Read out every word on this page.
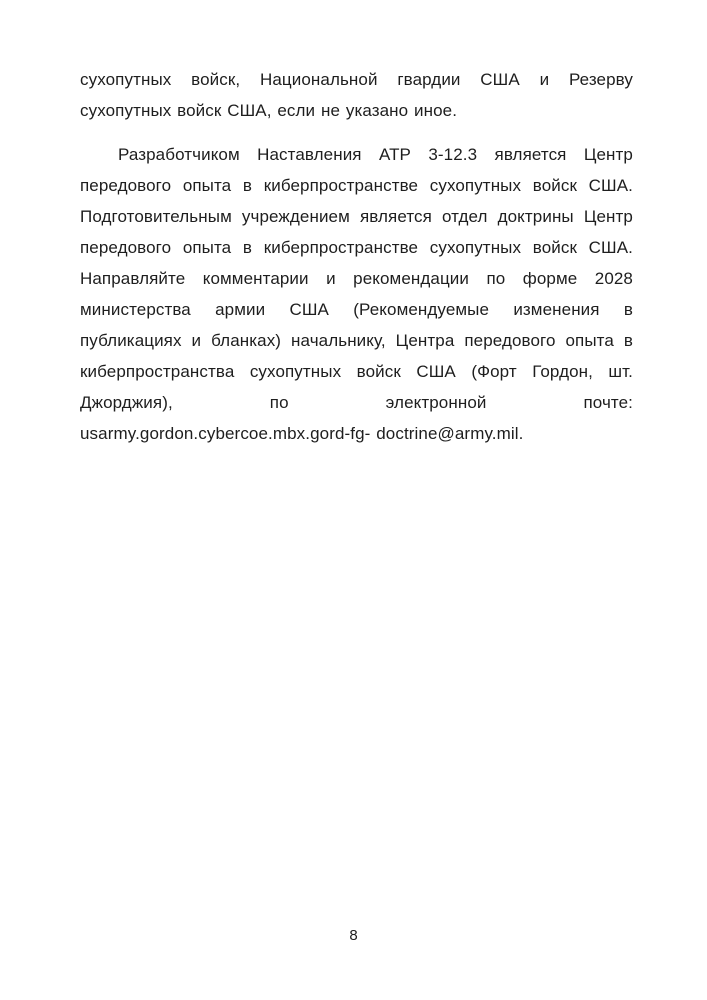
сухопутных войск, Национальной гвардии США и Резерву сухопутных войск США, если не указано иное.

Разработчиком Наставления АТР 3-12.3 является Центр передового опыта в киберпространстве сухопутных войск США. Подготовительным учреждением является отдел доктрины Центр передового опыта в киберпространстве сухопутных войск США. Направляйте комментарии и рекомендации по форме 2028 министерства армии США (Рекомендуемые изменения в публикациях и бланках) начальнику, Центра передового опыта в киберпространства сухопутных войск США (Форт Гордон, шт. Джорджия), по электронной почте: usarmy.gordon.cybercoe.mbx.gord-fg- doctrine@army.mil.

8
